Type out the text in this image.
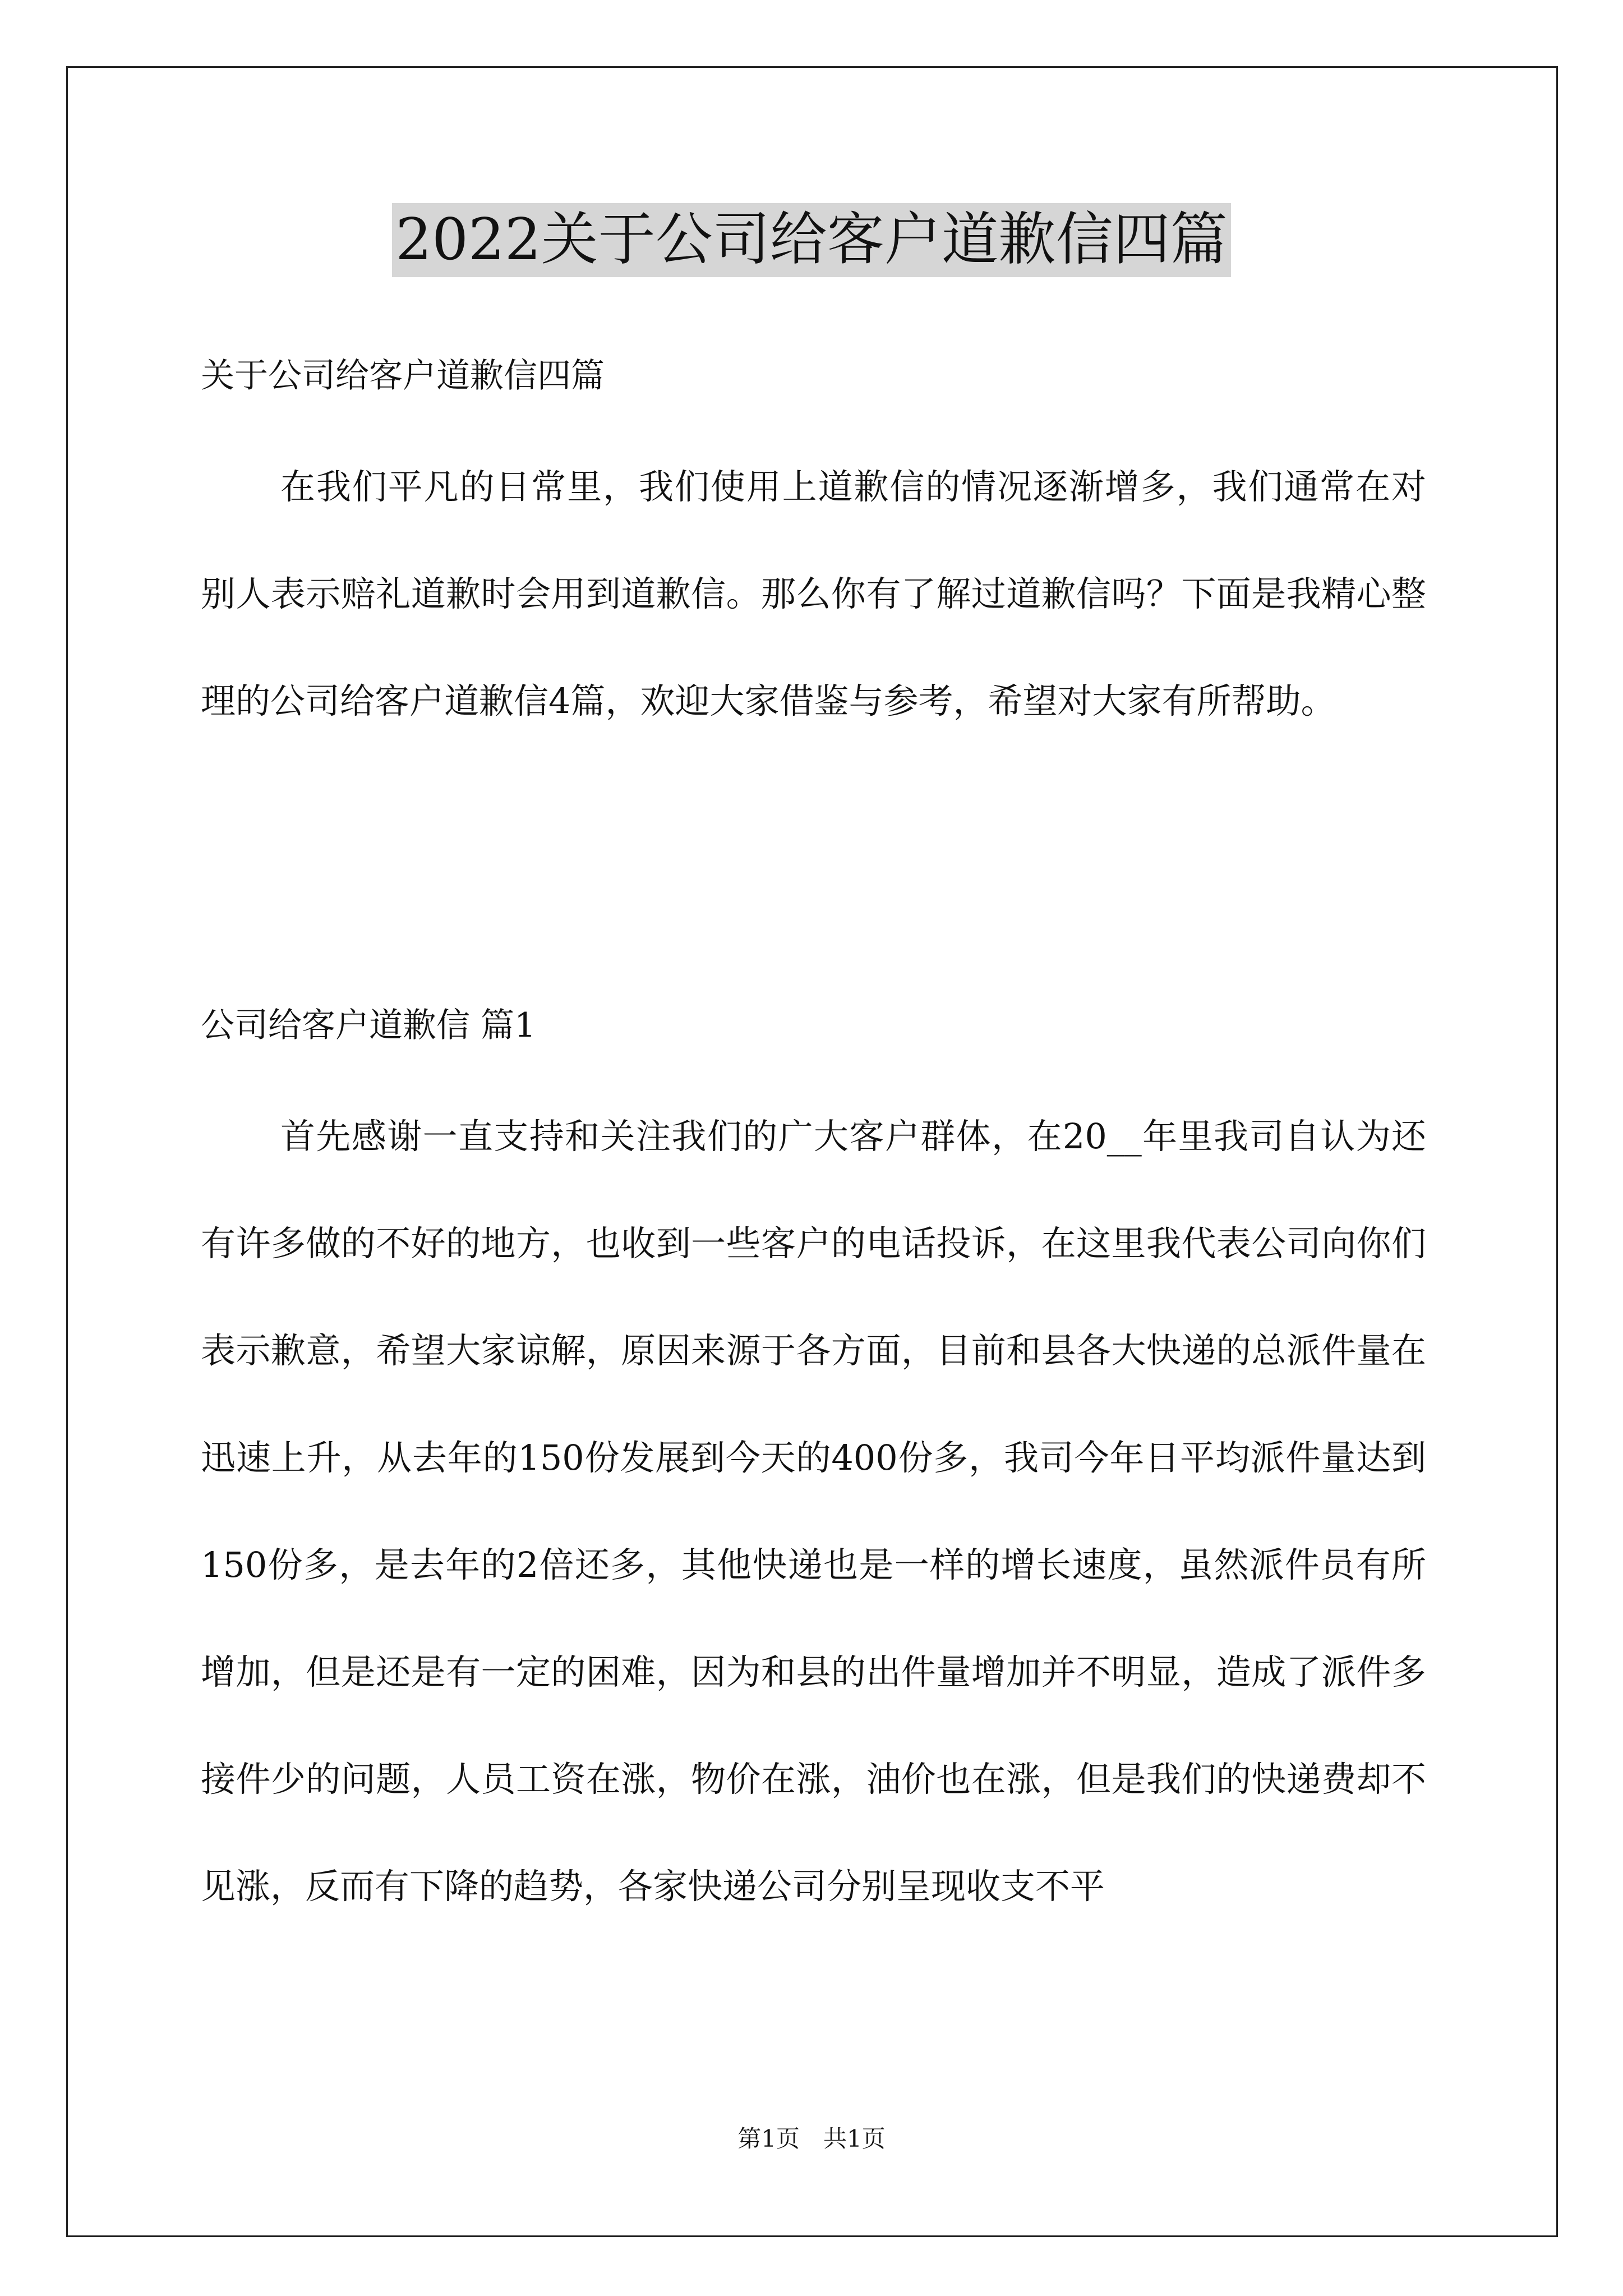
2022关于公司给客户道歉信四篇
关于公司给客户道歉信四篇
在我们平凡的日常里，我们使用上道歉信的情况逐渐增多，我们通常在对别人表示赔礼道歉时会用到道歉信。那么你有了解过道歉信吗？下面是我精心整理的公司给客户道歉信4篇，欢迎大家借鉴与参考，希望对大家有所帮助。
公司给客户道歉信 篇1
首先感谢一直支持和关注我们的广大客户群体，在20__年里我司自认为还有许多做的不好的地方，也收到一些客户的电话投诉，在这里我代表公司向你们表示歉意，希望大家谅解，原因来源于各方面，目前和县各大快递的总派件量在迅速上升，从去年的150份发展到今天的400份多，我司今年日平均派件量达到150份多，是去年的2倍还多，其他快递也是一样的增长速度，虽然派件员有所增加，但是还是有一定的困难，因为和县的出件量增加并不明显，造成了派件多接件少的问题，人员工资在涨，物价在涨，油价也在涨，但是我们的快递费却不见涨，反而有下降的趋势，各家快递公司分别呈现收支不平
第1页　共1页
